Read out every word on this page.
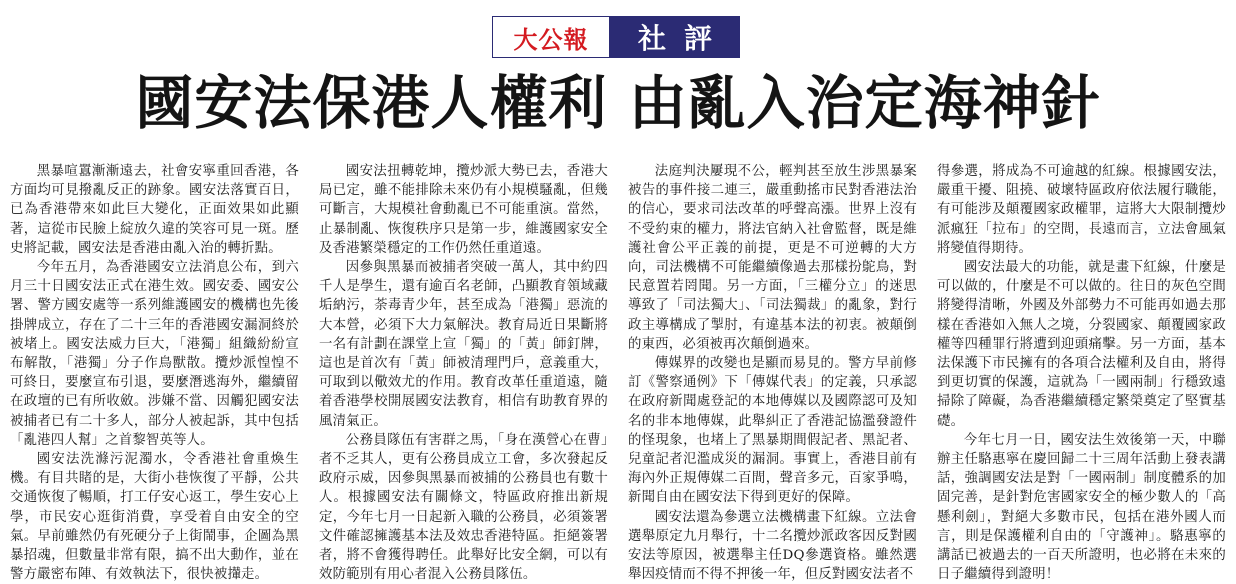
大公報	社評
國安法保港人權利 由亂入治定海神針

黑暴喧囂漸漸遠去，社會安寧重回香港，各方面均可見撥亂反正的跡象。國安法落實百日，已為香港帶來如此巨大變化，正面效果如此顯著，這從市民臉上綻放久違的笑容可見一斑。歷史將記載，國安法是香港由亂入治的轉折點。

今年五月，為香港國安立法消息公布，到六月三十日國安法正式在港生效。國安委、國安公署、警方國安處等一系列維護國安的機構也先後掛牌成立，存在了二十三年的香港國安漏洞終於被堵上。國安法威力巨大，「港獨」組織紛紛宣布解散，「港獨」分子作鳥獸散。攬炒派惶惶不可終日，要麼宣布引退，要麼潛逃海外，繼續留在政壇的已有所收斂。涉嫌不當、因觸犯國安法被捕者已有二十多人，部分人被起訴，其中包括「亂港四人幫」之首黎智英等人。

國安法洗滌污泥濁水，令香港社會重煥生機。有目共睹的是，大街小巷恢復了平靜，公共交通恢復了暢順，打工仔安心返工，學生安心上學，市民安心逛街消費，享受着自由安全的空氣。早前雖然仍有死硬分子上街鬧事，企圖為黑暴招魂，但數量非常有限，搞不出大動作，並在警方嚴密布陣、有效執法下，很快被攆走。

國安法扭轉乾坤，攬炒派大勢已去，香港大局已定，雖不能排除未來仍有小規模騷亂，但幾可斷言，大規模社會動亂已不可能重演。當然，止暴制亂、恢復秩序只是第一步，維護國家安全及香港繁榮穩定的工作仍然任重道遠。

因參與黑暴而被捕者突破一萬人，其中約四千人是學生，還有逾百名老師，凸顯教育領域藏垢納污，荼毒青少年，甚至成為「港獨」惡流的大本營，必須下大力氣解決。教育局近日果斷將一名有計劃在課堂上宣「獨」的「黃」師釘牌，這也是首次有「黃」師被清理門戶，意義重大，可取到以儆效尤的作用。教育改革任重道遠，隨着香港學校開展國安法教育，相信有助教育界的風清氣正。

公務員隊伍有害群之馬，「身在漢營心在曹」者不乏其人，更有公務員成立工會，多次發起反政府示威，因參與黑暴而被捕的公務員也有數十人。根據國安法有關條文，特區政府推出新規定，今年七月一日起新入職的公務員，必須簽署文件確認擁護基本法及效忠香港特區。拒絕簽署者，將不會獲得聘任。此舉好比安全網，可以有效防範別有用心者混入公務員隊伍。

法庭判決屢現不公，輕判甚至放生涉黑暴案被告的事件接二連三，嚴重動搖市民對香港法治的信心，要求司法改革的呼聲高漲。世界上沒有不受約束的權力，將法官納入社會監督，既是維護社會公平正義的前提，更是不可逆轉的大方向，司法機構不可能繼續像過去那樣扮鴕鳥，對民意置若罔聞。另一方面，「三權分立」的迷思導致了「司法獨大」、「司法獨裁」的亂象，對行政主導構成了掣肘，有違基本法的初衷。被顛倒的東西，必須被再次顛倒過來。

傳媒界的改變也是顯而易見的。警方早前修訂《警察通例》下「傳媒代表」的定義，只承認在政府新聞處登記的本地傳媒以及國際認可及知名的非本地傳媒，此舉糾正了香港記協濫發證件的怪現象，也堵上了黑暴期間假記者、黑記者、兒童記者氾濫成災的漏洞。事實上，香港目前有海內外正規傳媒二百間，聲音多元，百家爭鳴，新聞自由在國安法下得到更好的保障。

國安法還為參選立法機構畫下紅線。立法會選舉原定九月舉行，十二名攬炒派政客因反對國安法等原因，被選舉主任DQ參選資格。雖然選舉因疫情而不得不押後一年，但反對國安法者不

得參選，將成為不可逾越的紅線。根據國安法，嚴重干擾、阻撓、破壞特區政府依法履行職能，有可能涉及顛覆國家政權罪，這將大大限制攬炒派瘋狂「拉布」的空間，長遠而言，立法會風氣將變值得期待。

國安法最大的功能，就是畫下紅線，什麼是可以做的，什麼是不可以做的。往日的灰色空間將變得清晰，外國及外部勢力不可能再如過去那樣在香港如入無人之境，分裂國家、顛覆國家政權等四種罪行將遭到迎頭痛擊。另一方面，基本法保護下市民擁有的各項合法權利及自由，將得到更切實的保護，這就為「一國兩制」行穩致遠掃除了障礙，為香港繼續穩定繁榮奠定了堅實基礎。

今年七月一日，國安法生效後第一天，中聯辦主任駱惠寧在慶回歸二十三周年活動上發表講話，強調國安法是對「一國兩制」制度體系的加固完善，是針對危害國家安全的極少數人的「高懸利劍」，對絕大多數市民，包括在港外國人而言，則是保護權利自由的「守護神」。駱惠寧的講話已被過去的一百天所證明，也必將在未來的日子繼續得到證明！
